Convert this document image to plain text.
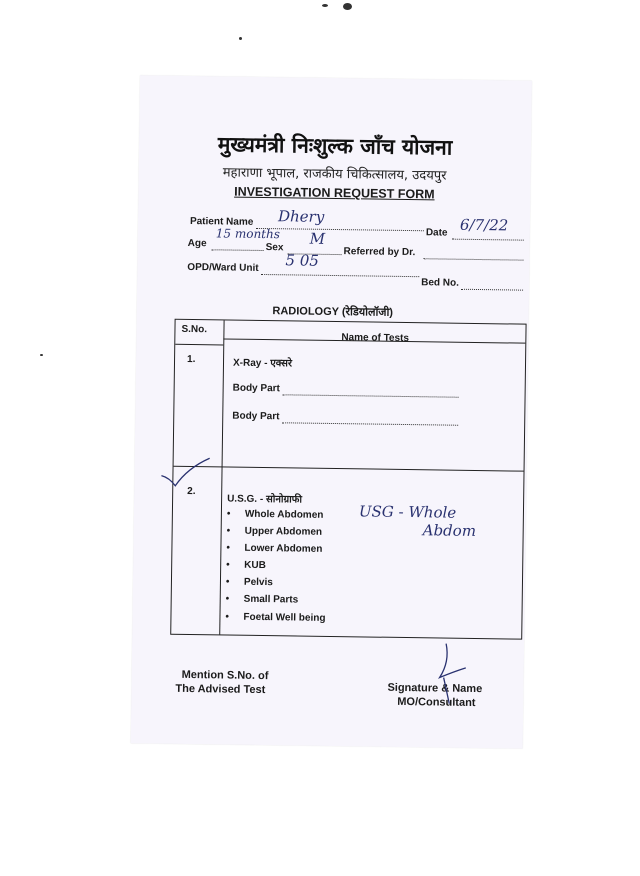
मुख्यमंत्री निःशुल्क जाँच योजना
महाराणा भूपाल, राजकीय चिकित्सालय, उदयपुर
INVESTIGATION REQUEST FORM
Patient Name Dhery
Date 6/7/22
Age
15 months
Sex M
Referred by Dr.
OPD/Ward Unit 5 05
Bed No.
RADIOLOGY (रेडियोलॉजी)
S.No.
Name of Tests
1.	X-Ray - एक्सरे
Body Part
Body Part
2.
U.S.G. - सोनोग्राफी
• Whole Abdomen
• Upper Abdomen
• Lower Abdomen
• KUB
• Pelvis
• Small Parts
• Foetal Well being
USG - Whole
Abdom
Mention S.No. of
The Advised Test	Signature & Name
MO/Consultant
